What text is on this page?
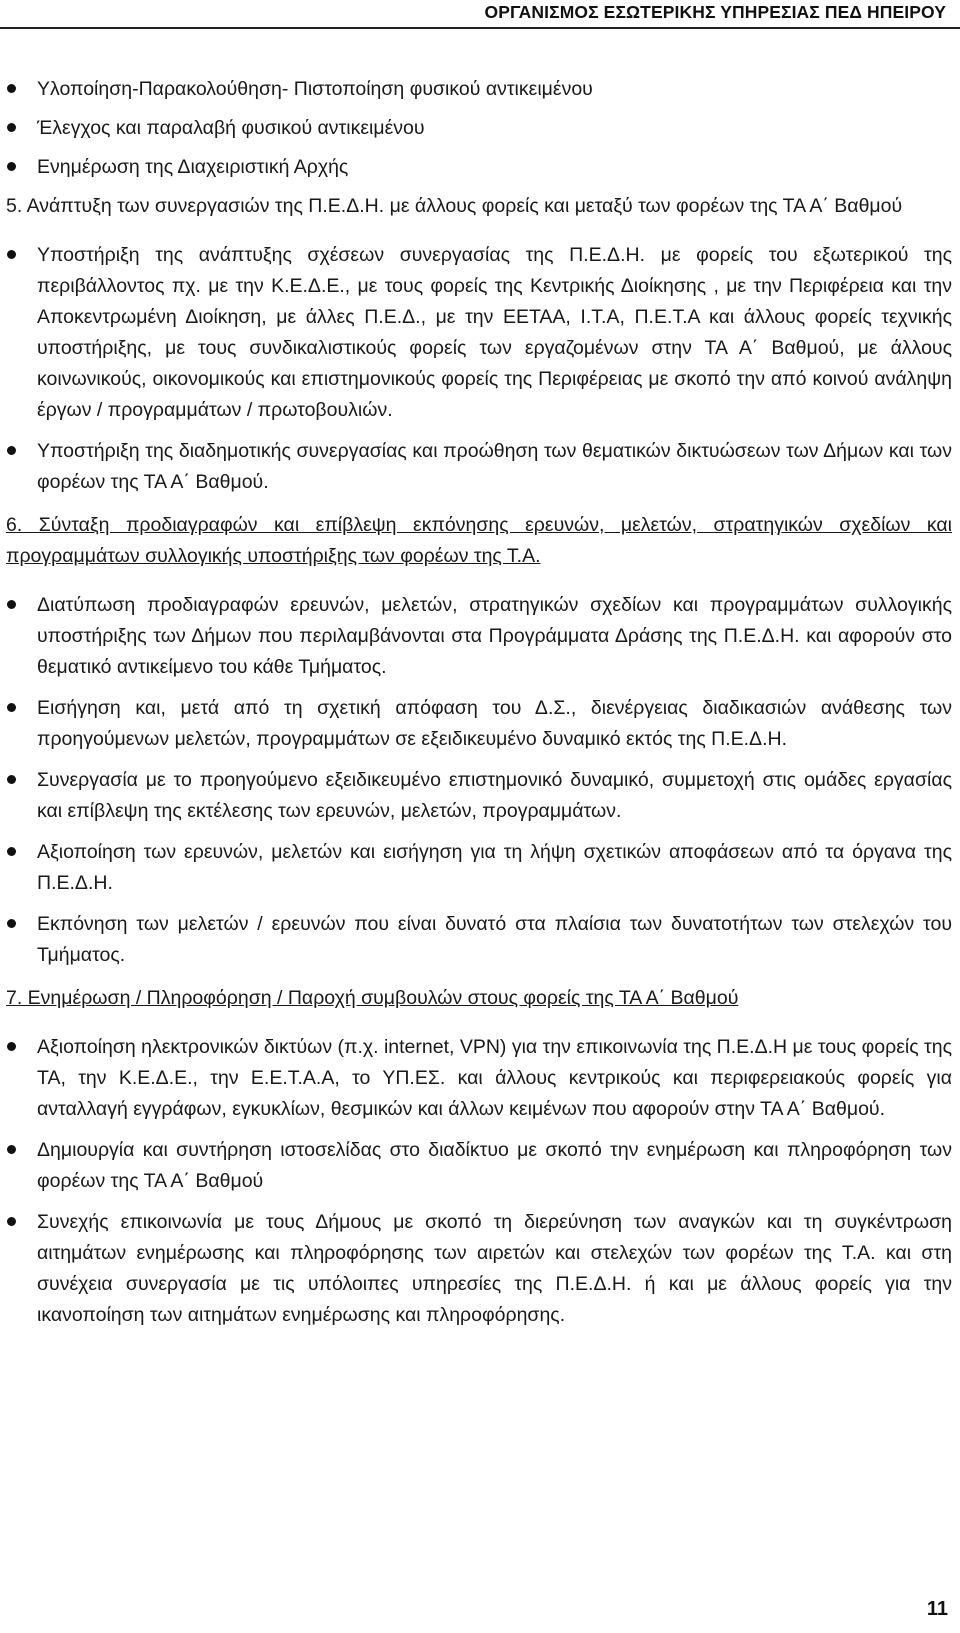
ΟΡΓΑΝΙΣΜΟΣ ΕΣΩΤΕΡΙΚΗΣ ΥΠΗΡΕΣΙΑΣ ΠΕΔ ΗΠΕΙΡΟΥ
Υλοποίηση-Παρακολούθηση- Πιστοποίηση φυσικού αντικειμένου
Έλεγχος και παραλαβή φυσικού αντικειμένου
Ενημέρωση της Διαχειριστική Αρχής

5. Ανάπτυξη των συνεργασιών της Π.Ε.Δ.Η. με άλλους φορείς και μεταξύ των φορέων της ΤΑ Α΄ Βαθμού

Υποστήριξη της ανάπτυξης σχέσεων συνεργασίας της Π.Ε.Δ.Η. με φορείς του εξωτερικού της περιβάλλοντος πχ. με την Κ.Ε.Δ.Ε., με τους φορείς της Κεντρικής Διοίκησης , με την Περιφέρεια και την Αποκεντρωμένη Διοίκηση, με άλλες Π.Ε.Δ., με την ΕΕΤΑΑ, Ι.Τ.Α, Π.Ε.Τ.Α και άλλους φορείς τεχνικής υποστήριξης, με τους συνδικαλιστικούς φορείς των εργαζομένων στην ΤΑ Α΄ Βαθμού, με άλλους κοινωνικούς, οικονομικούς και επιστημονικούς φορείς της Περιφέρειας με σκοπό την από κοινού ανάληψη έργων / προγραμμάτων / πρωτοβουλιών.
Υποστήριξη της διαδημοτικής συνεργασίας και προώθηση των θεματικών δικτυώσεων των Δήμων και των φορέων της ΤΑ Α΄ Βαθμού.

6. Σύνταξη προδιαγραφών και επίβλεψη εκπόνησης ερευνών, μελετών, στρατηγικών σχεδίων και προγραμμάτων συλλογικής υποστήριξης των φορέων της Τ.Α.

Διατύπωση προδιαγραφών ερευνών, μελετών, στρατηγικών σχεδίων και προγραμμάτων συλλογικής υποστήριξης των Δήμων που περιλαμβάνονται στα Προγράμματα Δράσης της Π.Ε.Δ.Η. και αφορούν στο θεματικό αντικείμενο του κάθε Τμήματος.
Εισήγηση και, μετά από τη σχετική απόφαση του Δ.Σ., διενέργειας διαδικασιών ανάθεσης των προηγούμενων μελετών, προγραμμάτων σε εξειδικευμένο δυναμικό εκτός της Π.Ε.Δ.Η.
Συνεργασία με το προηγούμενο εξειδικευμένο επιστημονικό δυναμικό, συμμετοχή στις ομάδες εργασίας και επίβλεψη της εκτέλεσης των ερευνών, μελετών, προγραμμάτων.
Αξιοποίηση των ερευνών, μελετών και εισήγηση για τη λήψη σχετικών αποφάσεων από τα όργανα της Π.Ε.Δ.Η.
Εκπόνηση των μελετών / ερευνών που είναι δυνατό στα πλαίσια των δυνατοτήτων των στελεχών του Τμήματος.

7. Ενημέρωση / Πληροφόρηση / Παροχή συμβουλών στους φορείς της ΤΑ Α΄ Βαθμού

Αξιοποίηση ηλεκτρονικών δικτύων (π.χ. internet, VPN) για την επικοινωνία της Π.Ε.Δ.Η με τους φορείς της ΤΑ, την Κ.Ε.Δ.Ε., την Ε.Ε.Τ.Α.Α, το ΥΠ.ΕΣ. και άλλους κεντρικούς και περιφερειακούς φορείς για ανταλλαγή εγγράφων, εγκυκλίων, θεσμικών και άλλων κειμένων που αφορούν στην ΤΑ Α΄ Βαθμού.
Δημιουργία και συντήρηση ιστοσελίδας στο διαδίκτυο με σκοπό την ενημέρωση και πληροφόρηση των φορέων της ΤΑ Α΄ Βαθμού
Συνεχής επικοινωνία με τους Δήμους με σκοπό τη διερεύνηση των αναγκών και τη συγκέντρωση αιτημάτων ενημέρωσης και πληροφόρησης των αιρετών και στελεχών των φορέων της Τ.Α. και στη συνέχεια συνεργασία με τις υπόλοιπες υπηρεσίες της Π.Ε.Δ.Η. ή και με άλλους φορείς για την ικανοποίηση των αιτημάτων ενημέρωσης και πληροφόρησης.
11
